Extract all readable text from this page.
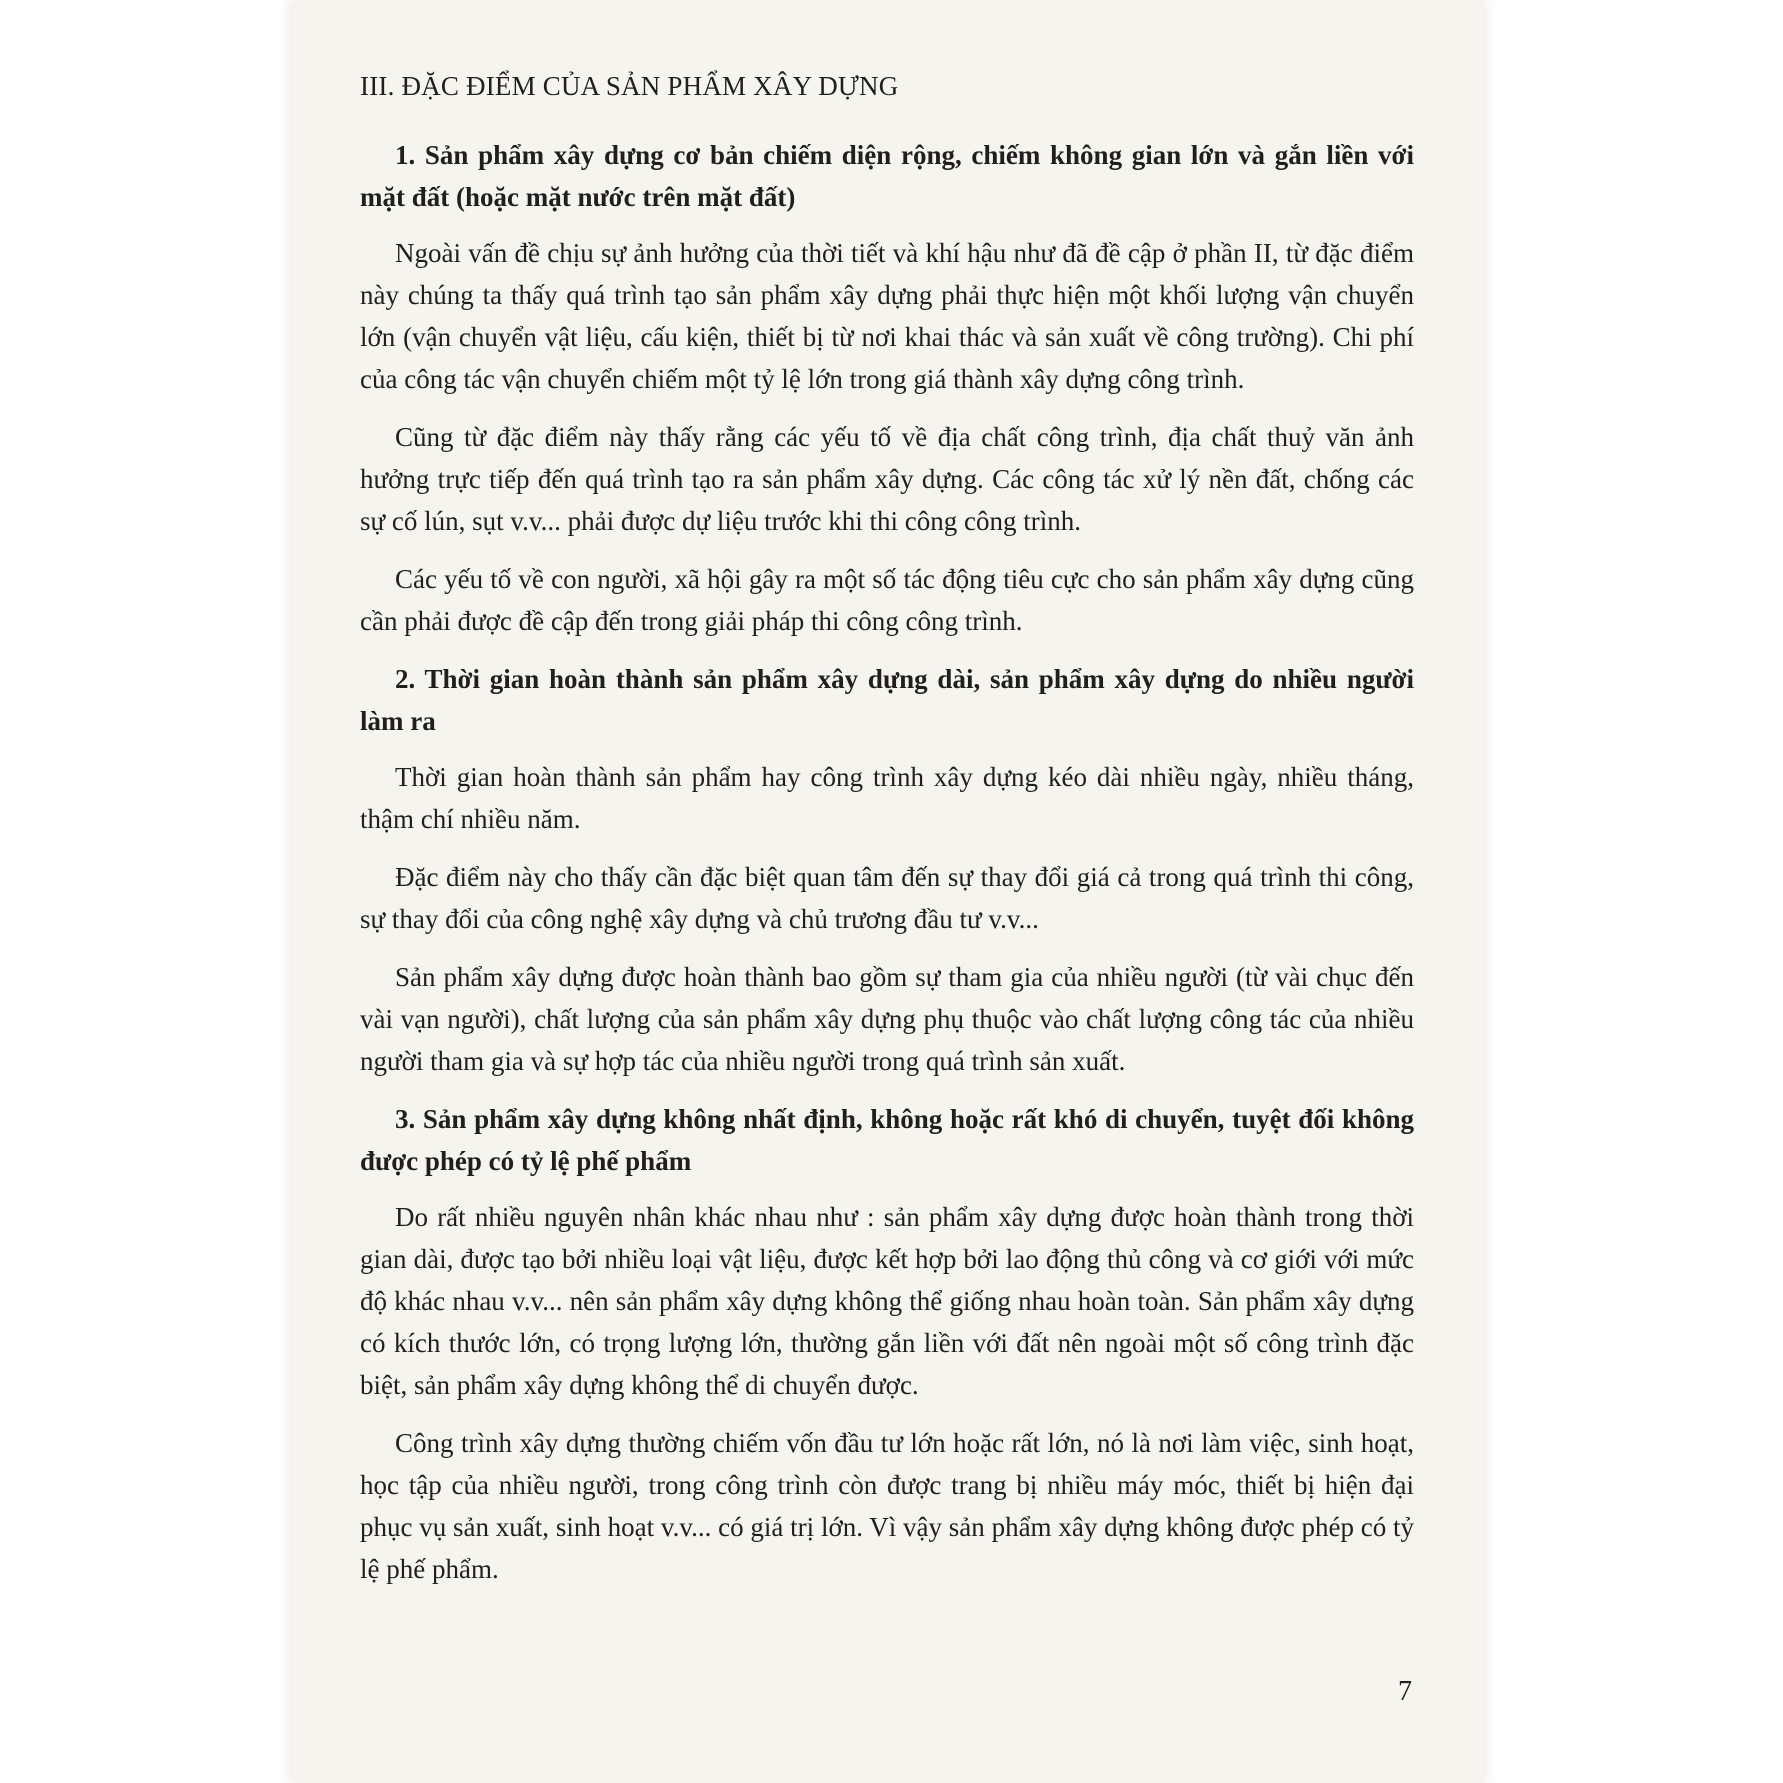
III. ĐẶC ĐIỂM CỦA SẢN PHẨM XÂY DỰNG
1. Sản phẩm xây dựng cơ bản chiếm diện rộng, chiếm không gian lớn và gắn liền với mặt đất (hoặc mặt nước trên mặt đất)

Ngoài vấn đề chịu sự ảnh hưởng của thời tiết và khí hậu như đã đề cập ở phần II, từ đặc điểm này chúng ta thấy quá trình tạo sản phẩm xây dựng phải thực hiện một khối lượng vận chuyển lớn (vận chuyển vật liệu, cấu kiện, thiết bị từ nơi khai thác và sản xuất về công trường). Chi phí của công tác vận chuyển chiếm một tỷ lệ lớn trong giá thành xây dựng công trình.

Cũng từ đặc điểm này thấy rằng các yếu tố về địa chất công trình, địa chất thuỷ văn ảnh hưởng trực tiếp đến quá trình tạo ra sản phẩm xây dựng. Các công tác xử lý nền đất, chống các sự cố lún, sụt v.v... phải được dự liệu trước khi thi công công trình.

Các yếu tố về con người, xã hội gây ra một số tác động tiêu cực cho sản phẩm xây dựng cũng cần phải được đề cập đến trong giải pháp thi công công trình.

2. Thời gian hoàn thành sản phẩm xây dựng dài, sản phẩm xây dựng do nhiều người làm ra

Thời gian hoàn thành sản phẩm hay công trình xây dựng kéo dài nhiều ngày, nhiều tháng, thậm chí nhiều năm.

Đặc điểm này cho thấy cần đặc biệt quan tâm đến sự thay đổi giá cả trong quá trình thi công, sự thay đổi của công nghệ xây dựng và chủ trương đầu tư v.v...

Sản phẩm xây dựng được hoàn thành bao gồm sự tham gia của nhiều người (từ vài chục đến vài vạn người), chất lượng của sản phẩm xây dựng phụ thuộc vào chất lượng công tác của nhiều người tham gia và sự hợp tác của nhiều người trong quá trình sản xuất.

3. Sản phẩm xây dựng không nhất định, không hoặc rất khó di chuyển, tuyệt đối không được phép có tỷ lệ phế phẩm

Do rất nhiều nguyên nhân khác nhau như : sản phẩm xây dựng được hoàn thành trong thời gian dài, được tạo bởi nhiều loại vật liệu, được kết hợp bởi lao động thủ công và cơ giới với mức độ khác nhau v.v... nên sản phẩm xây dựng không thể giống nhau hoàn toàn. Sản phẩm xây dựng có kích thước lớn, có trọng lượng lớn, thường gắn liền với đất nên ngoài một số công trình đặc biệt, sản phẩm xây dựng không thể di chuyển được.

Công trình xây dựng thường chiếm vốn đầu tư lớn hoặc rất lớn, nó là nơi làm việc, sinh hoạt, học tập của nhiều người, trong công trình còn được trang bị nhiều máy móc, thiết bị hiện đại phục vụ sản xuất, sinh hoạt v.v... có giá trị lớn. Vì vậy sản phẩm xây dựng không được phép có tỷ lệ phế phẩm.

7
